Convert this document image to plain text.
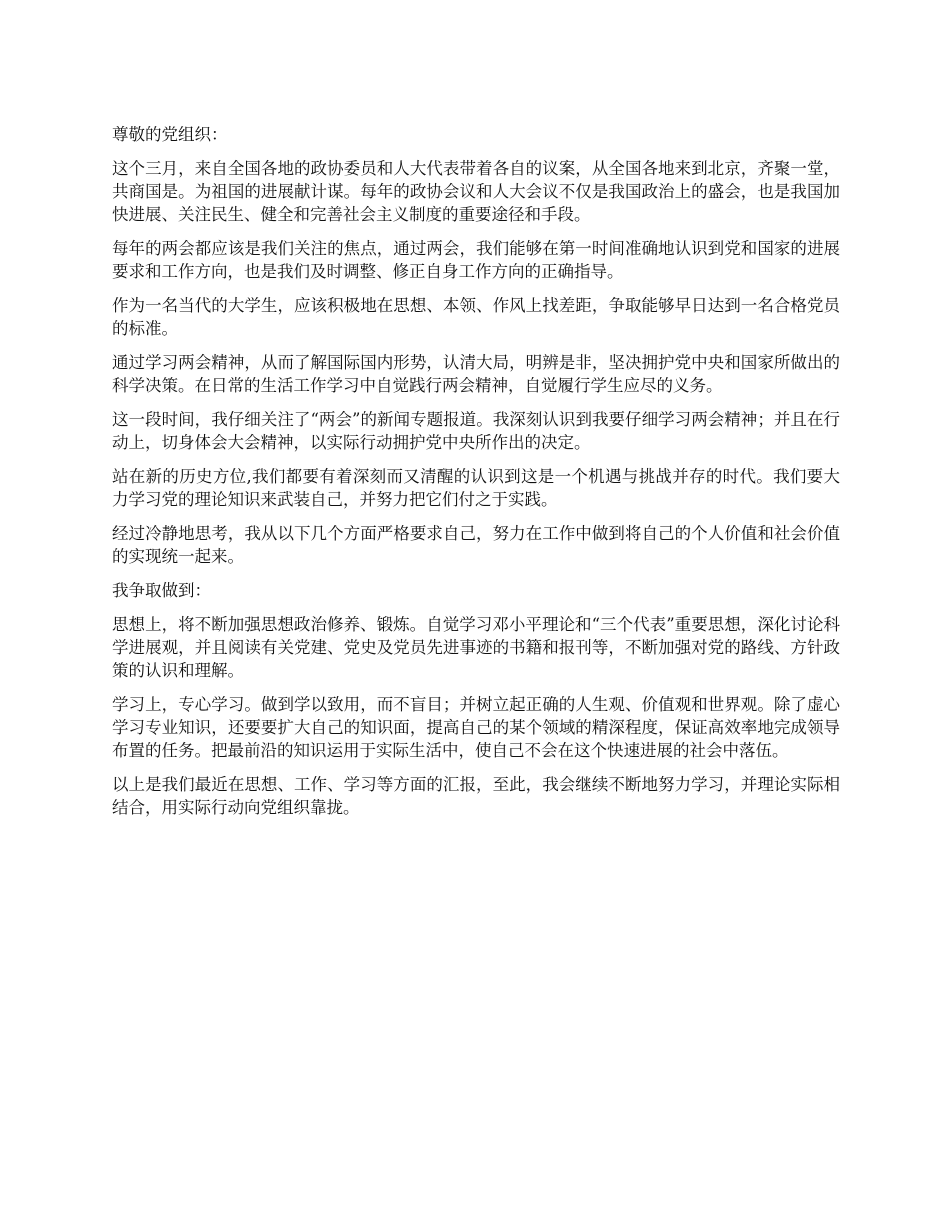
尊敬的党组织：

这个三月，来自全国各地的政协委员和人大代表带着各自的议案，从全国各地来到北京，齐聚一堂，共商国是。为祖国的进展献计谋。每年的政协会议和人大会议不仅是我国政治上的盛会，也是我国加快进展、关注民生、健全和完善社会主义制度的重要途径和手段。

每年的两会都应该是我们关注的焦点，通过两会，我们能够在第一时间准确地认识到党和国家的进展要求和工作方向，也是我们及时调整、修正自身工作方向的正确指导。

作为一名当代的大学生，应该积极地在思想、本领、作风上找差距，争取能够早日达到一名合格党员的标准。

通过学习两会精神，从而了解国际国内形势，认清大局，明辨是非，坚决拥护党中央和国家所做出的科学决策。在日常的生活工作学习中自觉践行两会精神，自觉履行学生应尽的义务。

这一段时间，我仔细关注了“两会”的新闻专题报道。我深刻认识到我要仔细学习两会精神；并且在行动上，切身体会大会精神，以实际行动拥护党中央所作出的决定。

站在新的历史方位,我们都要有着深刻而又清醒的认识到这是一个机遇与挑战并存的时代。我们要大力学习党的理论知识来武装自己，并努力把它们付之于实践。

经过冷静地思考，我从以下几个方面严格要求自己，努力在工作中做到将自己的个人价值和社会价值的实现统一起来。

我争取做到：

思想上，将不断加强思想政治修养、锻炼。自觉学习邓小平理论和“三个代表”重要思想，深化讨论科学进展观，并且阅读有关党建、党史及党员先进事迹的书籍和报刊等，不断加强对党的路线、方针政策的认识和理解。

学习上，专心学习。做到学以致用，而不盲目；并树立起正确的人生观、价值观和世界观。除了虚心学习专业知识，还要要扩大自己的知识面，提高自己的某个领域的精深程度，保证高效率地完成领导布置的任务。把最前沿的知识运用于实际生活中，使自己不会在这个快速进展的社会中落伍。

以上是我们最近在思想、工作、学习等方面的汇报，至此，我会继续不断地努力学习，并理论实际相结合，用实际行动向党组织靠拢。
